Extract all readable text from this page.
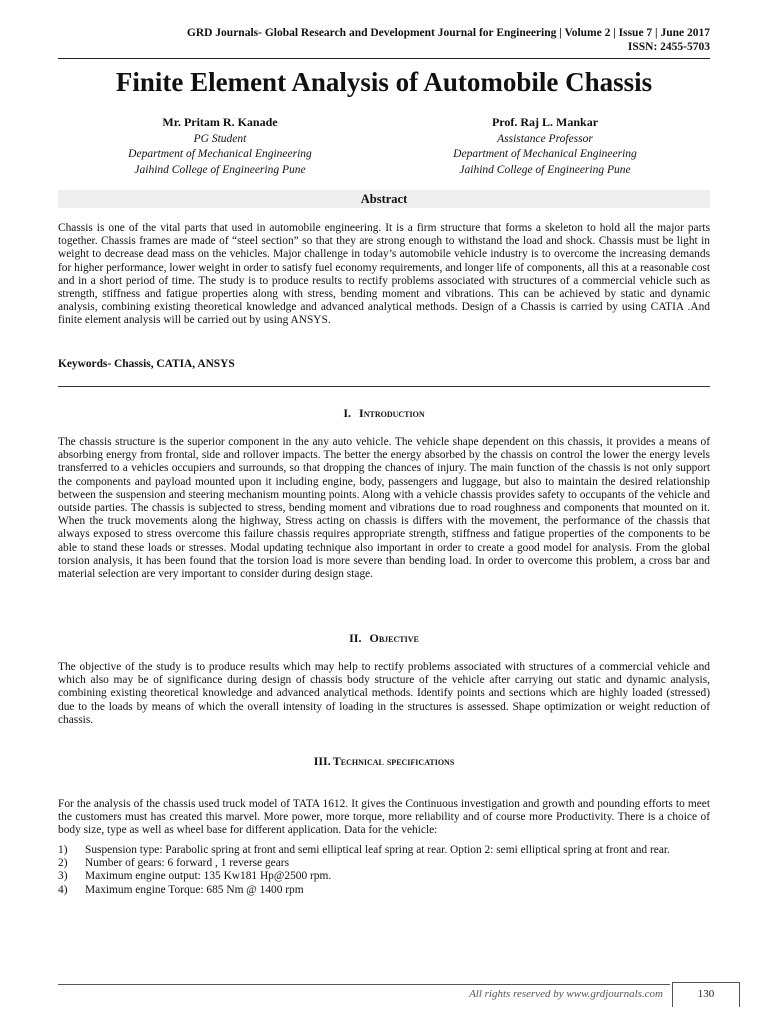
GRD Journals- Global Research and Development Journal for Engineering | Volume 2 | Issue 7 | June 2017
ISSN: 2455-5703
Finite Element Analysis of Automobile Chassis
Mr. Pritam R. Kanade
PG Student
Department of Mechanical Engineering
Jaihind College of Engineering Pune
Prof. Raj L. Mankar
Assistance Professor
Department of Mechanical Engineering
Jaihind College of Engineering Pune
Abstract

Chassis is one of the vital parts that used in automobile engineering. It is a firm structure that forms a skeleton to hold all the major parts together. Chassis frames are made of “steel section” so that they are strong enough to withstand the load and shock. Chassis must be light in weight to decrease dead mass on the vehicles. Major challenge in today’s automobile vehicle industry is to overcome the increasing demands for higher performance, lower weight in order to satisfy fuel economy requirements, and longer life of components, all this at a reasonable cost and in a short period of time. The study is to produce results to rectify problems associated with structures of a commercial vehicle such as strength, stiffness and fatigue properties along with stress, bending moment and vibrations. This can be achieved by static and dynamic analysis, combining existing theoretical knowledge and advanced analytical methods. Design of a Chassis is carried by using CATIA .And finite element analysis will be carried out by using ANSYS.

Keywords- Chassis, CATIA, ANSYS
I. Introduction

The chassis structure is the superior component in the any auto vehicle. The vehicle shape dependent on this chassis, it provides a means of absorbing energy from frontal, side and rollover impacts. The better the energy absorbed by the chassis on control the lower the energy levels transferred to a vehicles occupiers and surrounds, so that dropping the chances of injury. The main function of the chassis is not only support the components and payload mounted upon it including engine, body, passengers and luggage, but also to maintain the desired relationship between the suspension and steering mechanism mounting points. Along with a vehicle chassis provides safety to occupants of the vehicle and outside parties. The chassis is subjected to stress, bending moment and vibrations due to road roughness and components that mounted on it. When the truck movements along the highway, Stress acting on chassis is differs with the movement, the performance of the chassis that always exposed to stress overcome this failure chassis requires appropriate strength, stiffness and fatigue properties of the components to be able to stand these loads or stresses. Modal updating technique also important in order to create a good model for analysis. From the global torsion analysis, it has been found that the torsion load is more severe than bending load. In order to overcome this problem, a cross bar and material selection are very important to consider during design stage.

II. Objective

The objective of the study is to produce results which may help to rectify problems associated with structures of a commercial vehicle and which also may be of significance during design of chassis body structure of the vehicle after carrying out static and dynamic analysis, combining existing theoretical knowledge and advanced analytical methods. Identify points and sections which are highly loaded (stressed) due to the loads by means of which the overall intensity of loading in the structures is assessed. Shape optimization or weight reduction of chassis.

III. Technical specifications

For the analysis of the chassis used truck model of TATA 1612. It gives the Continuous investigation and growth and pounding efforts to meet the customers must has created this marvel. More power, more torque, more reliability and of course more Productivity. There is a choice of body size, type as well as wheel base for different application. Data for the vehicle:

1) Suspension type: Parabolic spring at front and semi elliptical leaf spring at rear. Option 2: semi elliptical spring at front and rear.
2) Number of gears: 6 forward , 1 reverse gears
3) Maximum engine output: 135 Kw181 Hp@2500 rpm.
4) Maximum engine Torque: 685 Nm @ 1400 rpm
All rights reserved by www.grdjournals.com	130
